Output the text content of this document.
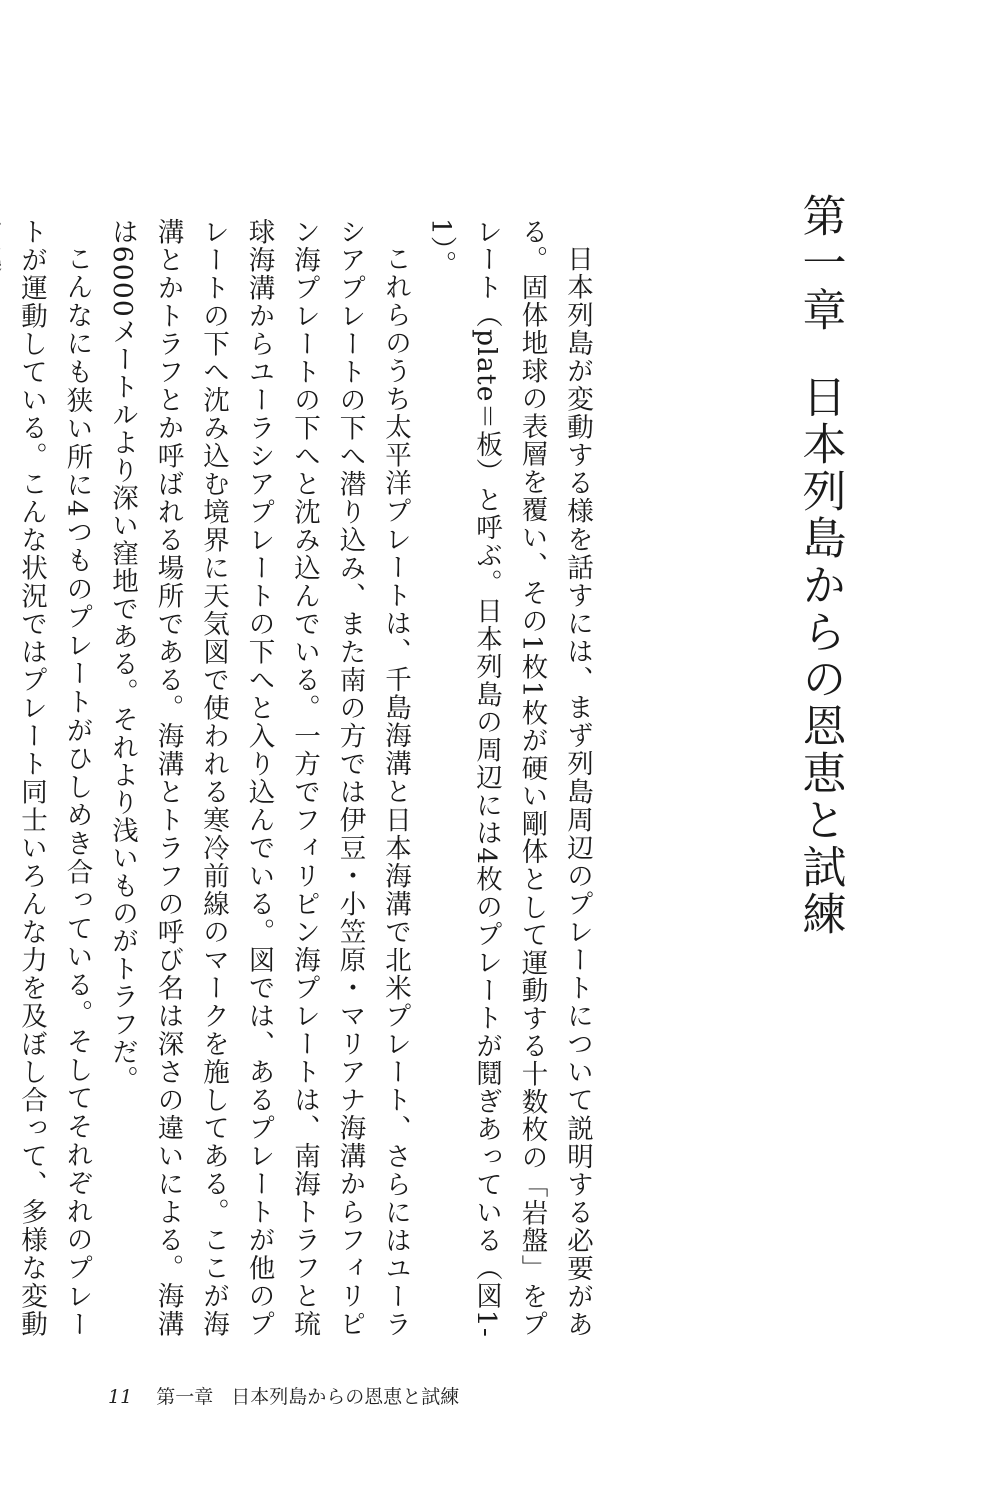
第一章日本列島からの恩恵と試練

日本列島が変動する様を話すには、まず列島周辺のプレートについて説明する必要がある。固体地球の表層を覆い、その1枚1枚が硬い剛体として運動する十数枚の「岩盤」をプレート（plate＝板）と呼ぶ。日本列島の周辺には4枚のプレートが鬩ぎあっている（図1-1）。

これらのうち太平洋プレートは、千島海溝と日本海溝で北米プレート、さらにはユーラシアプレートの下へ潜り込み、また南の方では伊豆・小笠原・マリアナ海溝からフィリピン海プレートの下へと沈み込んでいる。一方でフィリピン海プレートは、南海トラフと琉球海溝からユーラシアプレートの下へと入り込んでいる。図では、あるプレートが他のプレートの下へ沈み込む境界に天気図で使われる寒冷前線のマークを施してある。ここが海溝とかトラフとか呼ばれる場所である。海溝とトラフの呼び名は深さの違いによる。海溝は6000メートルより深い窪地である。それより浅いものがトラフだ。

こんなにも狭い所に4つものプレートがひしめき合っている。そしてそれぞれのプレートが運動している。こんな状況ではプレート同士いろんな力を及ぼし合って、多様な変動

11 第一章 日本列島からの恩恵と試練
